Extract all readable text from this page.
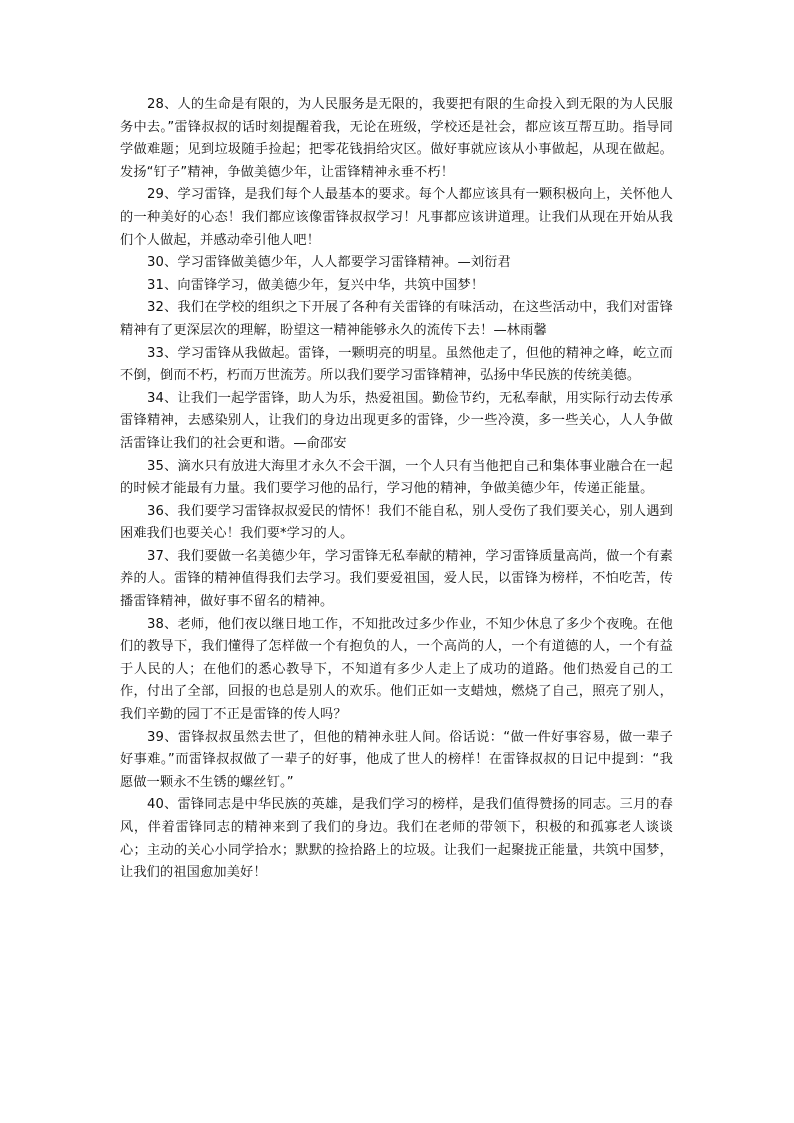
28、人的生命是有限的，为人民服务是无限的，我要把有限的生命投入到无限的为人民服务中去。”雷锋叔叔的话时刻提醒着我，无论在班级，学校还是社会，都应该互帮互助。指导同学做难题；见到垃圾随手捡起；把零花钱捐给灾区。做好事就应该从小事做起，从现在做起。发扬“钉子”精神，争做美德少年，让雷锋精神永垂不朽！

29、学习雷锋，是我们每个人最基本的要求。每个人都应该具有一颗积极向上，关怀他人的一种美好的心态！我们都应该像雷锋叔叔学习！凡事都应该讲道理。让我们从现在开始从我们个人做起，并感动牵引他人吧！

30、学习雷锋做美德少年，人人都要学习雷锋精神。—刘衍君

31、向雷锋学习，做美德少年，复兴中华，共筑中国梦！

32、我们在学校的组织之下开展了各种有关雷锋的有味活动，在这些活动中，我们对雷锋精神有了更深层次的理解，盼望这一精神能够永久的流传下去！—林雨馨

33、学习雷锋从我做起。雷锋，一颗明亮的明星。虽然他走了，但他的精神之峰，屹立而不倒，倒而不朽，朽而万世流芳。所以我们要学习雷锋精神，弘扬中华民族的传统美德。

34、让我们一起学雷锋，助人为乐，热爱祖国。勤俭节约，无私奉献，用实际行动去传承雷锋精神，去感染别人，让我们的身边出现更多的雷锋，少一些冷漠，多一些关心，人人争做活雷锋让我们的社会更和谐。—俞邵安

35、滴水只有放进大海里才永久不会干涸，一个人只有当他把自己和集体事业融合在一起的时候才能最有力量。我们要学习他的品行，学习他的精神，争做美德少年，传递正能量。

36、我们要学习雷锋叔叔爱民的情怀！我们不能自私，别人受伤了我们要关心，别人遇到困难我们也要关心！我们要*学习的人。

37、我们要做一名美德少年，学习雷锋无私奉献的精神，学习雷锋质量高尚，做一个有素养的人。雷锋的精神值得我们去学习。我们要爱祖国，爱人民，以雷锋为榜样，不怕吃苦，传播雷锋精神，做好事不留名的精神。

38、老师，他们夜以继日地工作，不知批改过多少作业，不知少休息了多少个夜晚。在他们的教导下，我们懂得了怎样做一个有抱负的人，一个高尚的人，一个有道德的人，一个有益于人民的人；在他们的悉心教导下，不知道有多少人走上了成功的道路。他们热爱自己的工作，付出了全部，回报的也总是别人的欢乐。他们正如一支蜡烛，燃烧了自己，照亮了别人，我们辛勤的园丁不正是雷锋的传人吗？

39、雷锋叔叔虽然去世了，但他的精神永驻人间。俗话说：“做一件好事容易，做一辈子好事难。”而雷锋叔叔做了一辈子的好事，他成了世人的榜样！在雷锋叔叔的日记中提到：“我愿做一颗永不生锈的螺丝钉。”

40、雷锋同志是中华民族的英雄，是我们学习的榜样，是我们值得赞扬的同志。三月的春风，伴着雷锋同志的精神来到了我们的身边。我们在老师的带领下，积极的和孤寡老人谈谈心；主动的关心小同学拾水；默默的捡拾路上的垃圾。让我们一起聚拢正能量，共筑中国梦，让我们的祖国愈加美好！
